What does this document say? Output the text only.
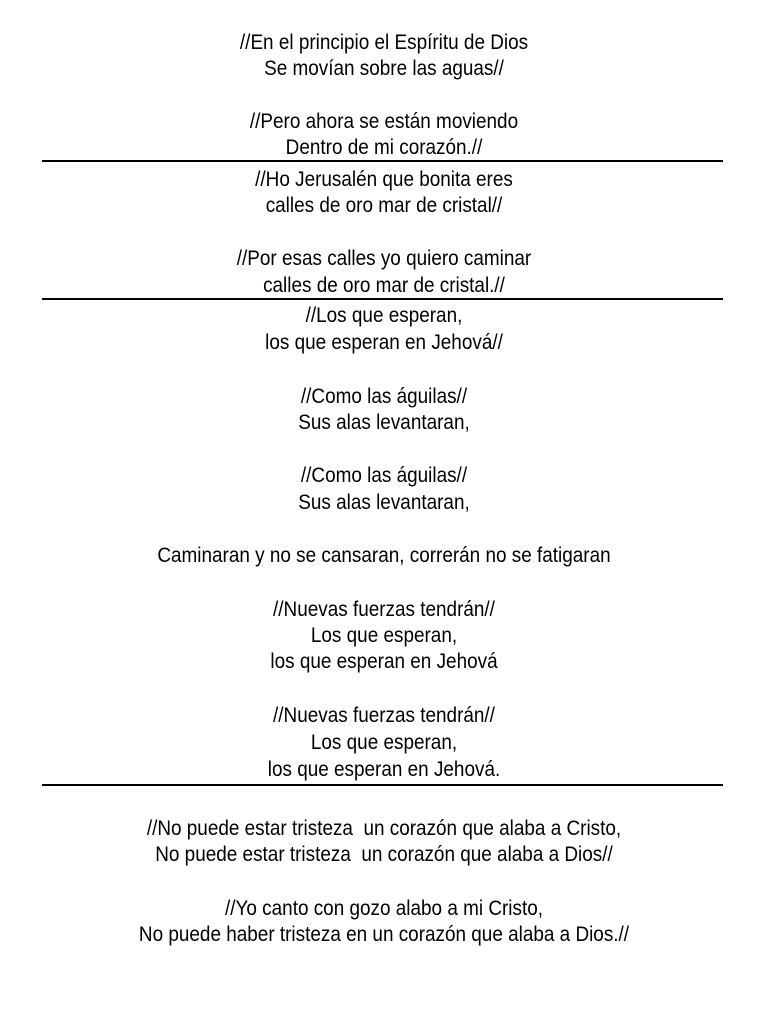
//En el principio el Espíritu de Dios
Se movían sobre las aguas//
//Pero ahora se están moviendo
Dentro de mi corazón.//
//Ho Jerusalén que bonita eres
calles de oro mar de cristal//
//Por esas calles yo quiero caminar
calles de oro mar de cristal.//
//Los que esperan,
los que esperan en Jehová//
//Como las águilas//
Sus alas levantaran,
//Como las águilas//
Sus alas levantaran,
Caminaran y no se cansaran, correrán no se fatigaran
//Nuevas fuerzas tendrán//
Los que esperan,
los que esperan en Jehová
//Nuevas fuerzas tendrán//
Los que esperan,
los que esperan en Jehová.
//No puede estar tristeza  un corazón que alaba a Cristo,
No puede estar tristeza  un corazón que alaba a Dios//
//Yo canto con gozo alabo a mi Cristo,
No puede haber tristeza en un corazón que alaba a Dios.//
